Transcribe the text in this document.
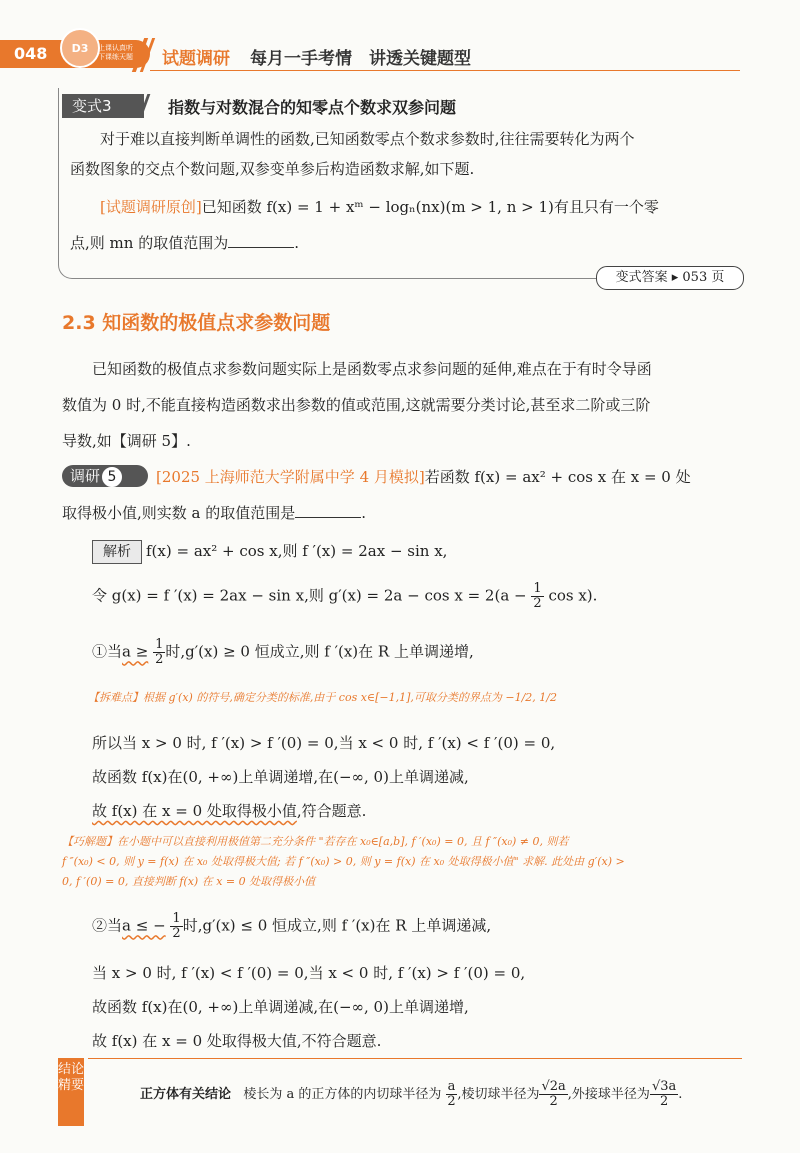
048	D3	上课认真听
下课练天题 试题调研 每月一手考情　讲透关键题型
变式3	指数与对数混合的知零点个数求双参问题
对于难以直接判断单调性的函数,已知函数零点个数求参数时,往往需要转化为两个
函数图象的交点个数问题,双参变单参后构造函数求解,如下题.
[试题调研原创]已知函数 f(x) = 1 + xᵐ − logₙ(nx)(m > 1, n > 1)有且只有一个零
点,则 mn 的取值范围为	.
变式答案 ▸ 053 页
2.3 知函数的极值点求参数问题
已知函数的极值点求参数问题实际上是函数零点求参问题的延伸,难点在于有时令导函
数值为 0 时,不能直接构造函数求出参数的值或范围,这就需要分类讨论,甚至求二阶或三阶
导数,如【调研 5】.
调研 5	[2025 上海师范大学附属中学 4 月模拟]若函数 f(x) = ax² + cos x 在 x = 0 处
取得极小值,则实数 a 的取值范围是	.
解析 f(x) = ax² + cos x,则 f ′(x) = 2ax − sin x,
令 g(x) = f ′(x) = 2ax − sin x,则 $g'(x) = 2a - \cos x = 2(a - \frac{1}{2}$ cos x).
①当$a \ge \frac{1}{2}$ 时,g′(x) ≥ 0 恒成立,则 f ′(x)在 R 上单调递增,
【拆难点】根据 g′(x) 的符号,确定分类的标准,由于 cos x∈[−1,1],可取分类的界点为 −1/2, 1/2
所以当 x > 0 时, f ′(x) > f ′(0) = 0,当 x < 0 时, f ′(x) < f ′(0) = 0,
故函数 f(x)在(0, +∞)上单调递增,在(−∞, 0)上单调递减,
故 f(x) 在 x = 0 处取得极小值,符合题意.
【巧解题】在小题中可以直接利用极值第二充分条件 "若存在 x₀∈[a,b], f ′(x₀) = 0, 且 f ″(x₀) ≠ 0, 则若
f ″(x₀) < 0, 则 y = f(x) 在 x₀ 处取得极大值; 若 f ″(x₀) > 0, 则 y = f(x) 在 x₀ 处取得极小值" 求解. 此处由 g′(x) >
0, f ′(0) = 0, 直接判断 f(x) 在 x = 0 处取得极小值
②当a ≤ − $\frac{1}{2}$ 时,g′(x) ≤ 0 恒成立,则 f ′(x)在 R 上单调递减,
当 x > 0 时, f ′(x) < f ′(0) = 0,当 x < 0 时, f ′(x) > f ′(0) = 0,
故函数 f(x)在(0, +∞)上单调递减,在(−∞, 0)上单调递增,
故 f(x) 在 x = 0 处取得极大值,不符合题意.
结论精要
正方体有关结论 棱长为 a 的正方体的内切球半径为 $\frac{a}{2}$ ,棱切球半径为 $\frac{√2a}{2}$ ,外接球半径为 $\frac{√3a}{2}$ .
